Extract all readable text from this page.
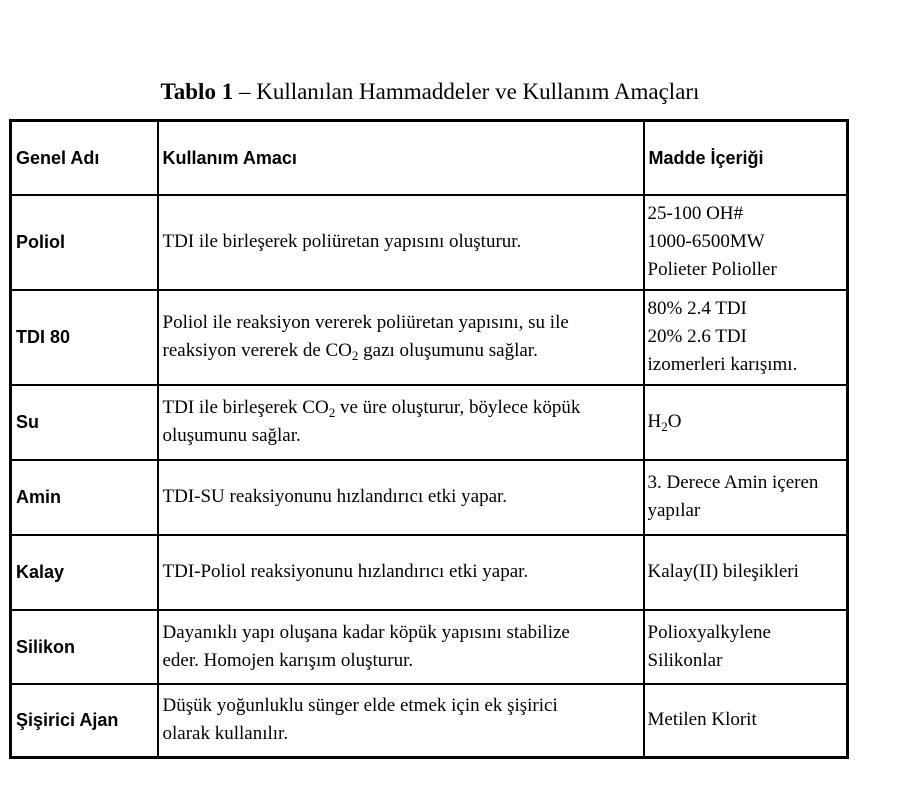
Tablo 1 – Kullanılan Hammaddeler ve Kullanım Amaçları
Genel Adı	Kullanım Amacı	Madde İçeriği
Poliol	TDI ile birleşerek poliüretan yapısını oluşturur.	25-100 OH#
1000-6500MW
Polieter Polioller

TDI 80	Poliol ile reaksiyon vererek poliüretan yapısını, su ile
reaksiyon vererek de $CO_2$ gazı oluşumunu sağlar.	80% 2.4 TDI
20% 2.6 TDI
izomerleri karışımı.

Su	TDI ile birleşerek $CO_2$ ve üre oluşturur, böylece köpük
oluşumunu sağlar.	$H_2O$

Amin	TDI-SU reaksiyonunu hızlandırıcı etki yapar.	3. Derece Amin içeren
yapılar

Kalay	TDI-Poliol reaksiyonunu hızlandırıcı etki yapar.	Kalay(II) bileşikleri

Silikon	Dayanıklı yapı oluşana kadar köpük yapısını stabilize
eder. Homojen karışım oluşturur.	Polioxyalkylene
Silikonlar

Şişirici Ajan	Düşük yoğunluklu sünger elde etmek için ek şişirici
olarak kullanılır.	Metilen Klorit
